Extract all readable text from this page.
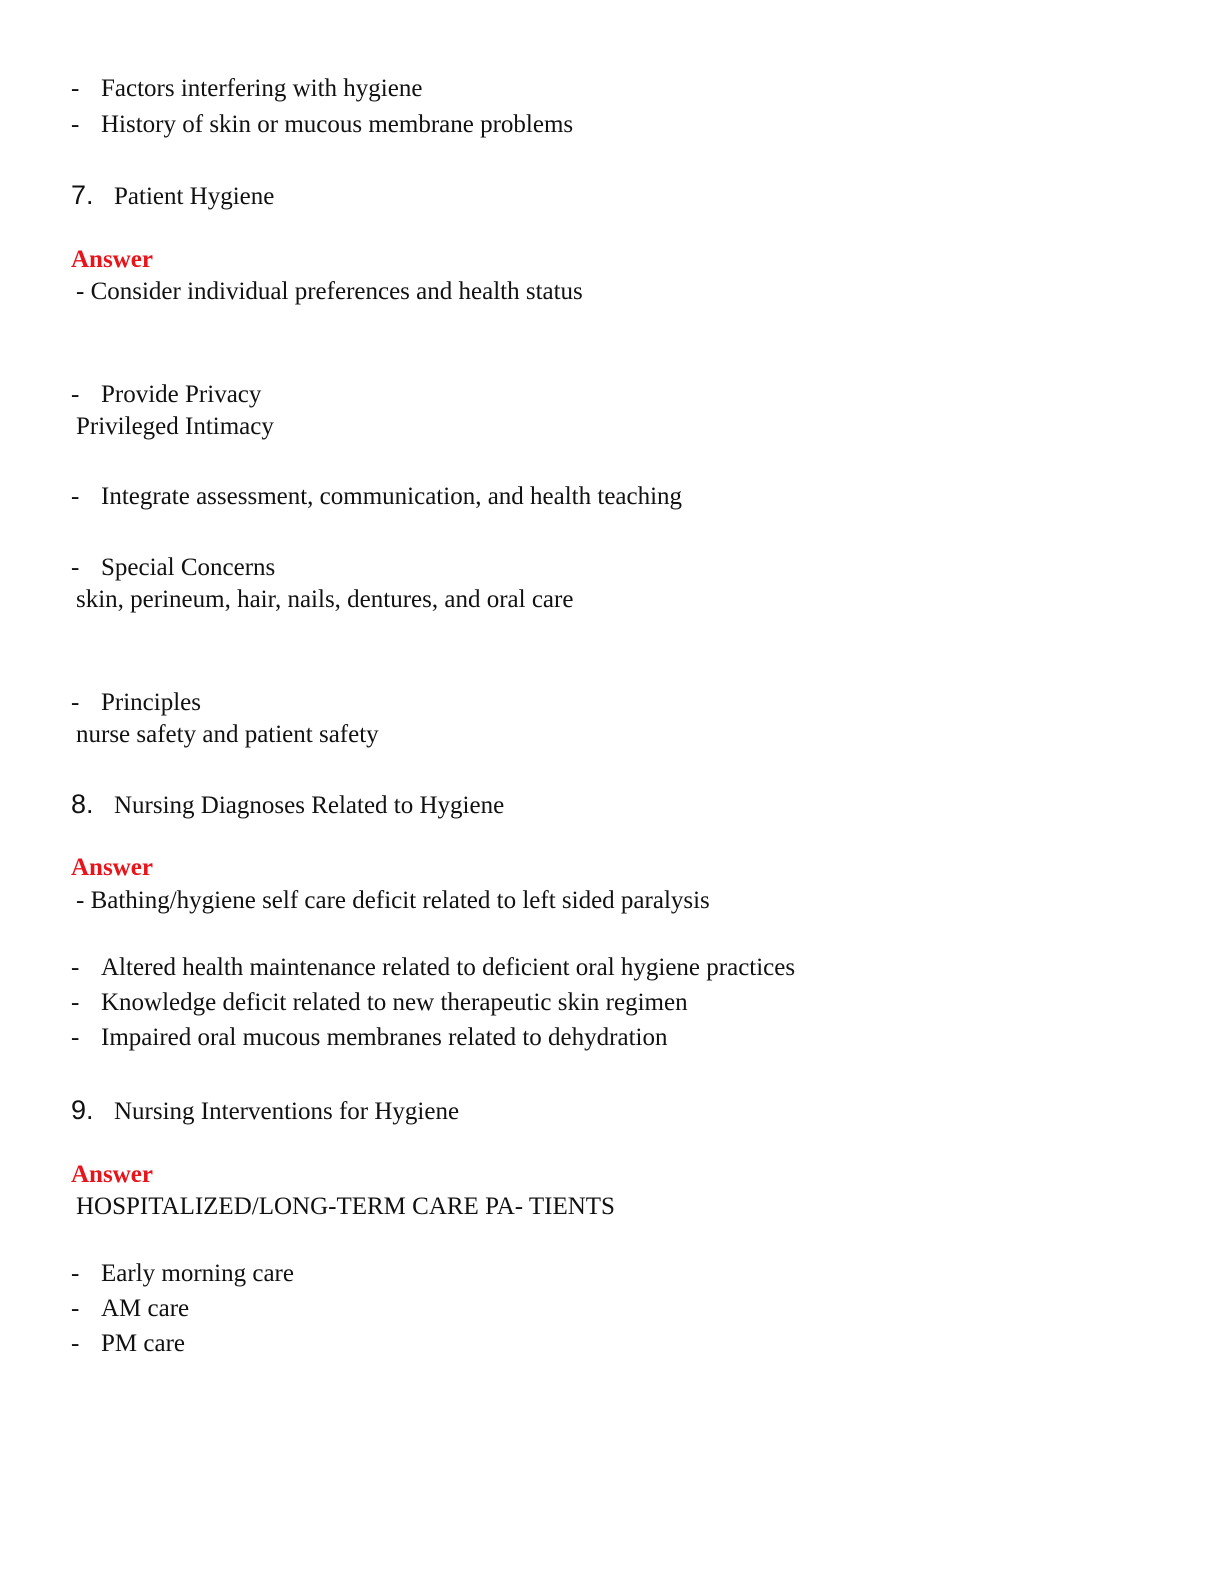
- Factors interfering with hygiene
- History of skin or mucous membrane problems
7. Patient Hygiene
Answer
- Consider individual preferences and health status
- Provide Privacy
Privileged Intimacy
- Integrate assessment, communication, and health teaching
- Special Concerns
skin, perineum, hair, nails, dentures, and oral care
- Principles
nurse safety and patient safety
8. Nursing Diagnoses Related to Hygiene
Answer
- Bathing/hygiene self care deficit related to left sided paralysis
- Altered health maintenance related to deficient oral hygiene practices
- Knowledge deficit related to new therapeutic skin regimen
- Impaired oral mucous membranes related to dehydration
9. Nursing Interventions for Hygiene
Answer
HOSPITALIZED/LONG-TERM CARE PA- TIENTS
- Early morning care
- AM care
- PM care
